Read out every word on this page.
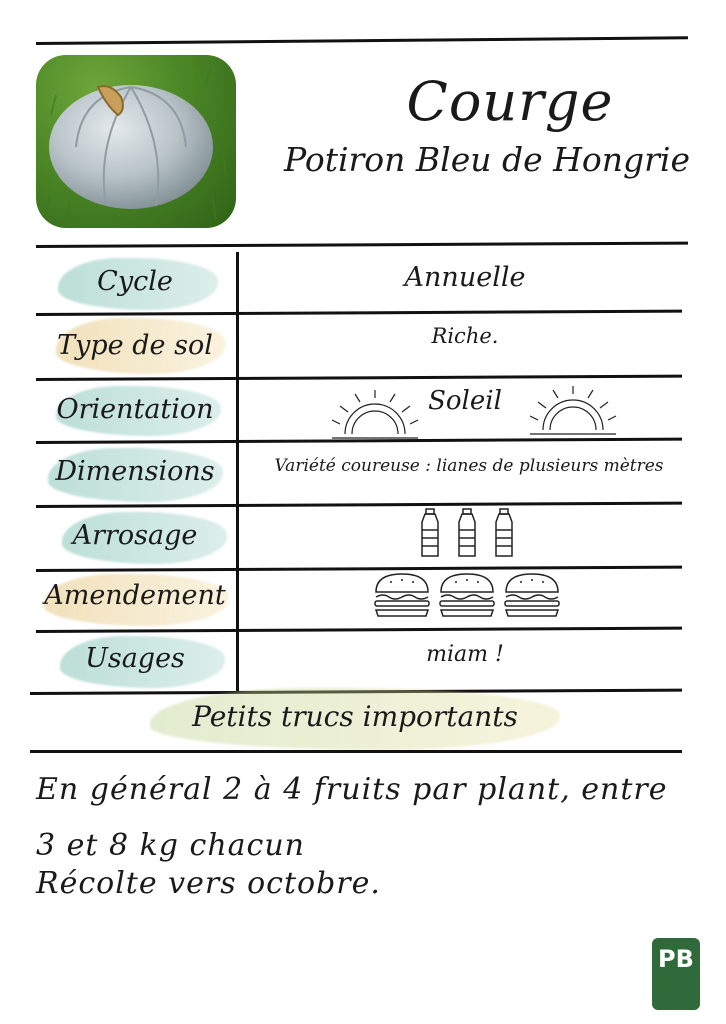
Courge
Potiron Bleu de Hongrie
Cycle
Type de sol
Orientation
Dimensions
Arrosage
Amendement
Usages
Annuelle
Riche.
Soleil
Variété coureuse : lianes de plusieurs mètres
miam !
Petits trucs importants
En général 2 à 4 fruits par plant, entre 3 et 8 kg chacun
Récolte vers octobre.
PB
